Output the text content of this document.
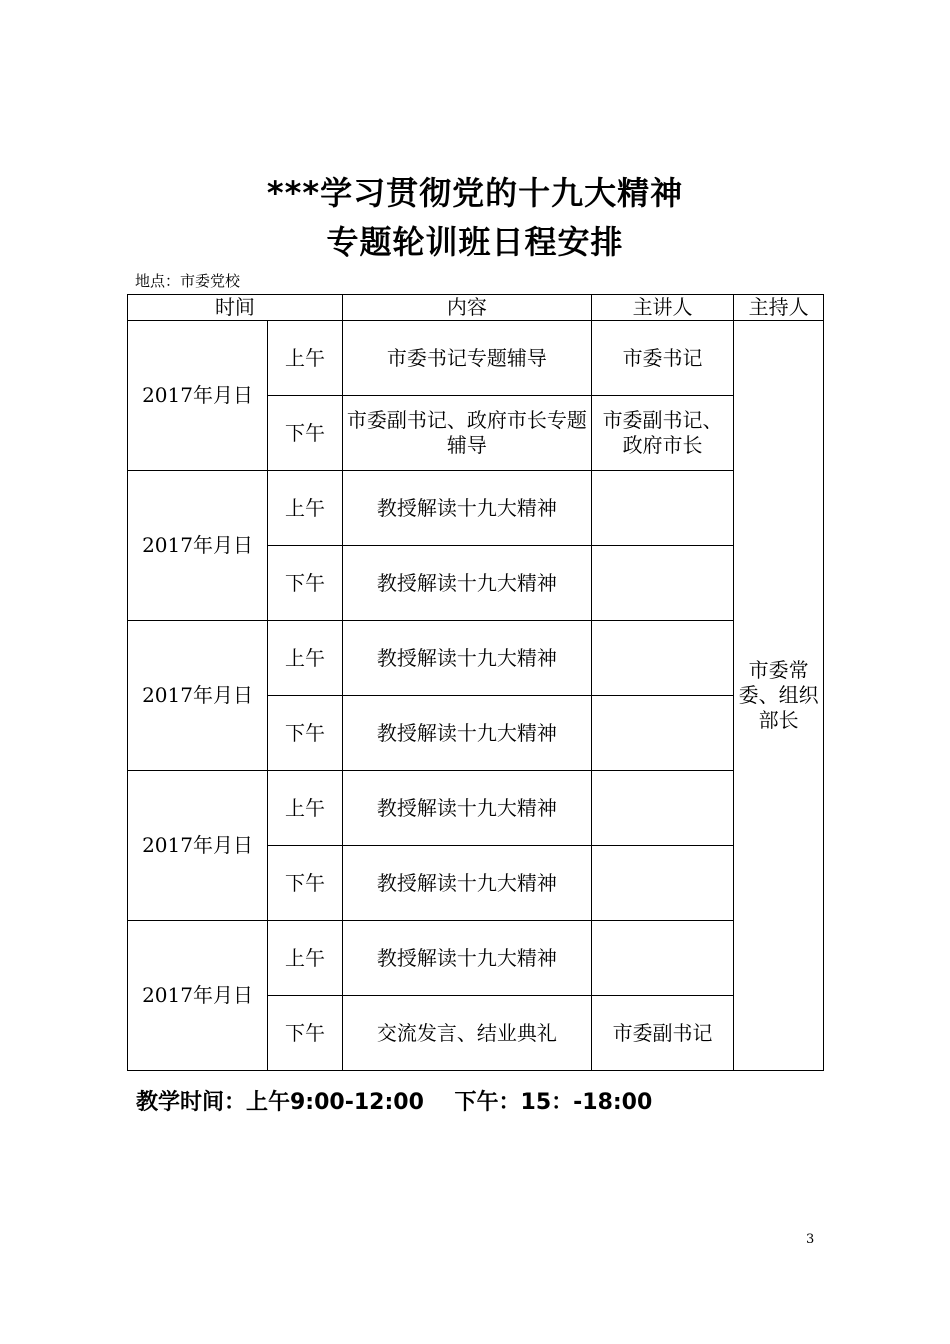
***学习贯彻党的十九大精神
专题轮训班日程安排
地点：市委党校
时间		内容	主讲人	主持人
2017年月日	上午	市委书记专题辅导	市委书记	市委常委、组织部长
	下午	市委副书记、政府市长专题辅导	市委副书记、政府市长	
2017年月日	上午	教授解读十九大精神		
	下午	教授解读十九大精神		
2017年月日	上午	教授解读十九大精神		
	下午	教授解读十九大精神		
2017年月日	上午	教授解读十九大精神		
	下午	教授解读十九大精神		
2017年月日	上午	教授解读十九大精神		
	下午	交流发言、结业典礼	市委副书记	
教学时间：上午9:00-12:00    下午：15：-18:00
3
